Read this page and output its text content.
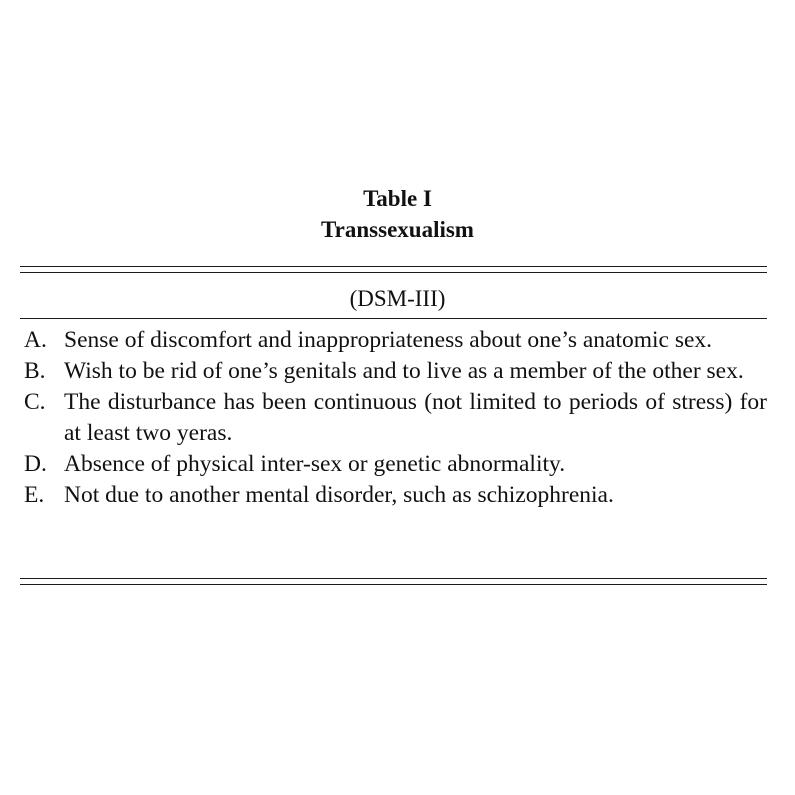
Table I
Transsexualism
(DSM-III)
A. Sense of discomfort and inappropriateness about one’s anatomic sex.
B. Wish to be rid of one’s genitals and to live as a member of the other sex.
C. The disturbance has been continuous (not limited to periods of stress) for at least two yeras.
D. Absence of physical inter-sex or genetic abnormality.
E. Not due to another mental disorder, such as schizophrenia.
